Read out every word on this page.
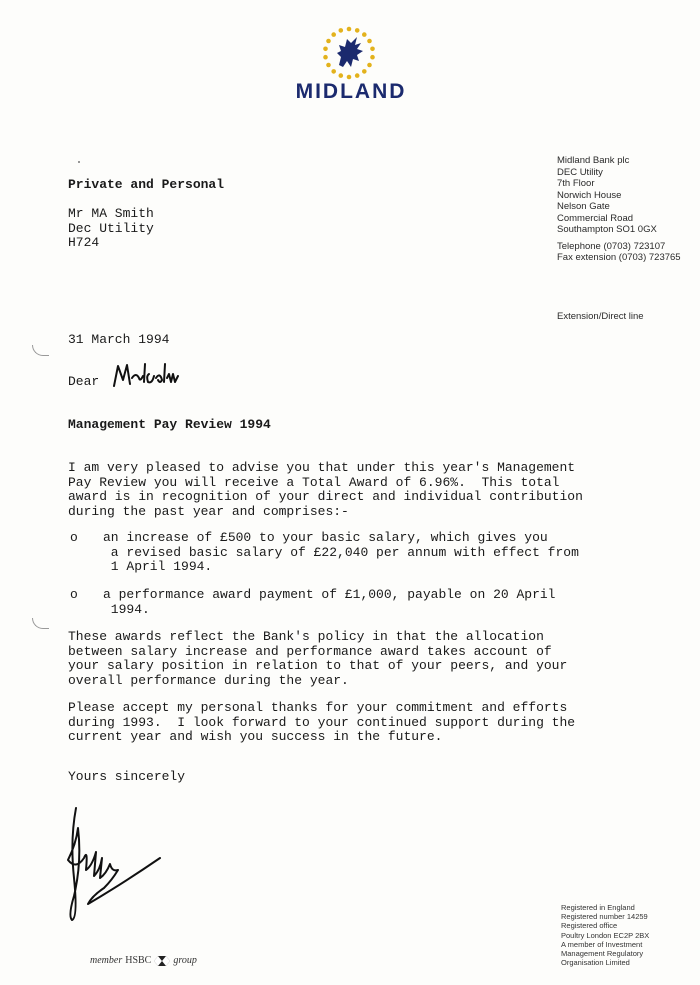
MIDLAND
Midland Bank plc
DEC Utility
7th Floor
Norwich House
Nelson Gate
Commercial Road
Southampton SO1 0GX
Telephone (0703) 723107
Fax extension (0703) 723765
Extension/Direct line
Private and Personal
Mr MA Smith
Dec Utility
H724
31 March 1994
Dear
Management Pay Review 1994
I am very pleased to advise you that under this year's Management
Pay Review you will receive a Total Award of 6.96%.  This total
award is in recognition of your direct and individual contribution
during the past year and comprises:-
o an increase of £500 to your basic salary, which gives you
a revised basic salary of £22,040 per annum with effect from
1 April 1994.
o a performance award payment of £1,000, payable on 20 April
1994.
These awards reflect the Bank's policy in that the allocation
between salary increase and performance award takes account of
your salary position in relation to that of your peers, and your
overall performance during the year.
Please accept my personal thanks for your commitment and efforts
during 1993.  I look forward to your continued support during the
current year and wish you success in the future.
Yours sincerely
member HSBC group
Registered in England
Registered number 14259
Registered office
Poultry London EC2P 2BX
A member of Investment
Management Regulatory
Organisation Limited
